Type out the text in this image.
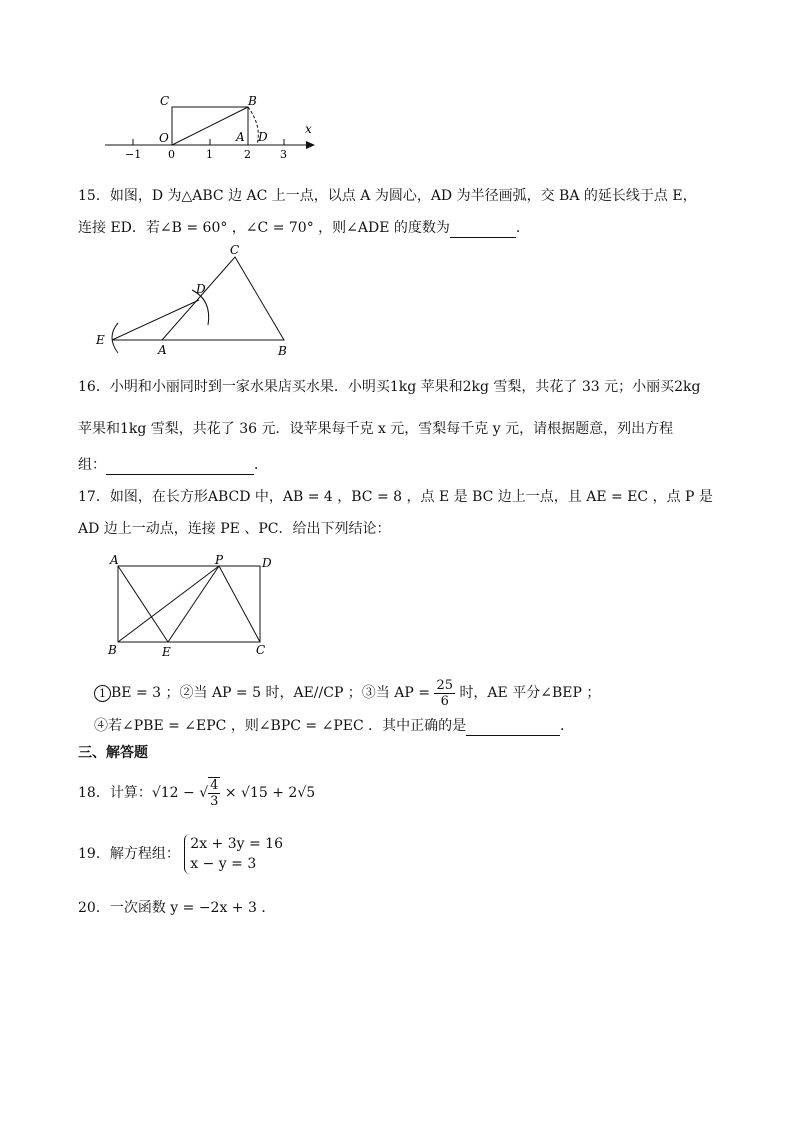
C	B
O	A D
x
−1 0	1	2	3
15．如图，D 为△ABC 边 AC 上一点，以点 A 为圆心，AD 为半径画弧，交 BA 的延长线于点 E，
连接 ED．若∠B = 60° ，∠C = 70° ，则∠ADE 的度数为	．
C
D
E
A	B
16．小明和小丽同时到一家水果店买水果．小明买1kg 苹果和2kg 雪梨，共花了 33 元；小丽买2kg
苹果和1kg 雪梨，共花了 36 元．设苹果每千克 x 元，雪梨每千克 y 元，请根据题意，列出方程
组：	．
17．如图，在长方形ABCD 中，AB = 4 ，BC = 8 ，点 E 是 BC 边上一点，且 AE = EC ，点 P 是
AD 边上一动点，连接 PE 、PC．给出下列结论：
A	P	D
B	E	C
1 BE = 3 ；②当 AP = 5 时，AE//CP ；③当 AP = $\frac{25}{6}$ 时，AE 平分∠BEP ；
④若∠PBE = ∠EPC ，则∠BPC = ∠PEC ．其中正确的是	．
三、解答题
18．计算：√12 − √ $\frac{4}{3} \times √15 + 2√5$
19．解方程组： 2x + 3y = 16
x − y = 3
20．一次函数 y = −2x + 3 ．
